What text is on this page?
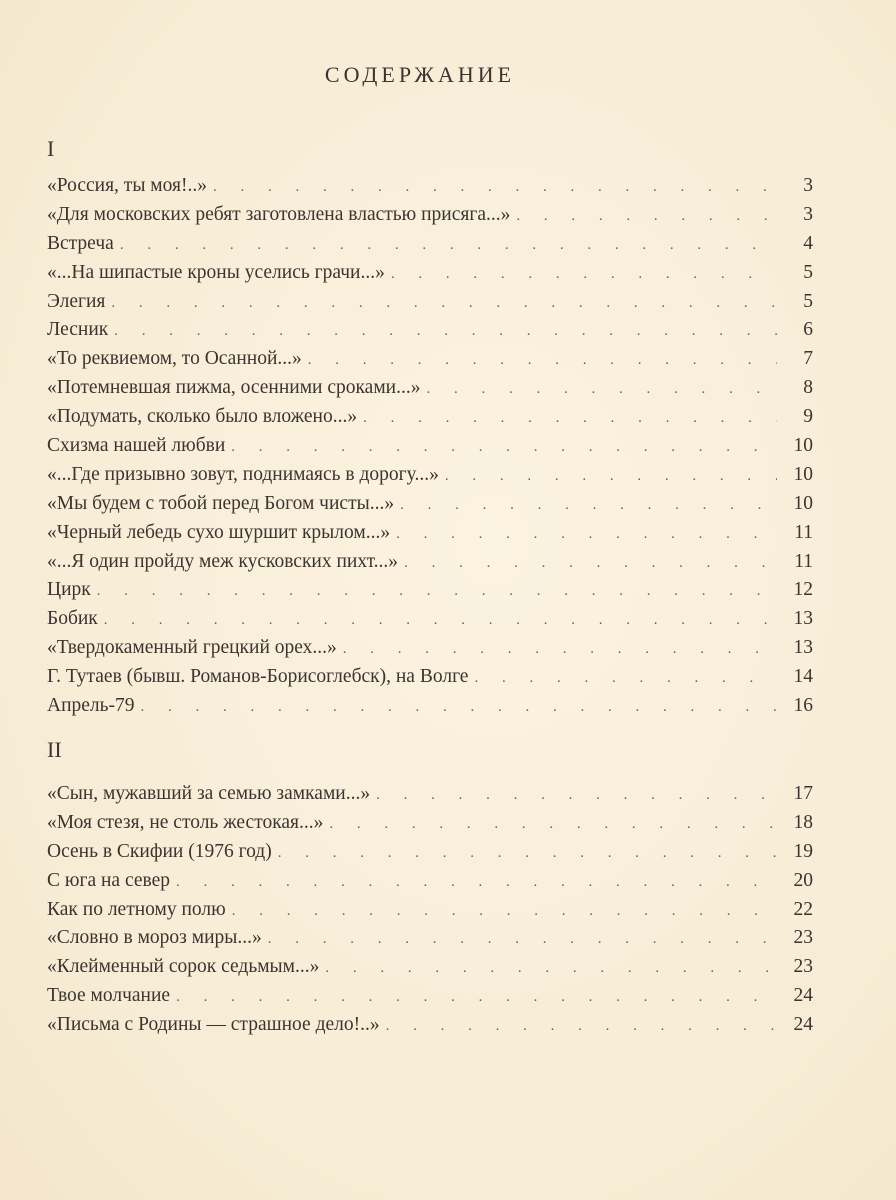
СОДЕРЖАНИЕ
I
«Россия, ты моя!..» . . .	3
«Для московских ребят заготовлена властью присяга...» . . .	3
Встреча . . .	4
«...На шипастые кроны уселись грачи...» . . .	5
Элегия . . .	5
Лесник . . .	6
«То реквиемом, то Осанной...» . . .	7
«Потемневшая пижма, осенними сроками...» . . .	8
«Подумать, сколько было вложено...» . . .	9
Схизма нашей любви . . .	10
«...Где призывно зовут, поднимаясь в дорогу...» . . .	10
«Мы будем с тобой перед Богом чисты...» . . .	10
«Черный лебедь сухо шуршит крылом...» . . .	11
«...Я один пройду меж кусковских пихт...» . . .	11
Цирк . . .	12
Бобик . . .	13
«Твердокаменный грецкий орех...» . . .	13
Г. Тутаев (бывш. Романов-Борисоглебск), на Волге . . .	14
Апрель-79 . . .	16
II
«Сын, мужавший за семью замками...» . . .	17
«Моя стезя, не столь жестокая...» . . .	18
Осень в Скифии (1976 год) . . .	19
С юга на север . . .	20
Как по летному полю . . .	22
«Словно в мороз миры...» . . .	23
«Клейменный сорок седьмым...» . . .	23
Твое молчание . . .	24
«Письма с Родины — страшное дело!..» . . .	24
